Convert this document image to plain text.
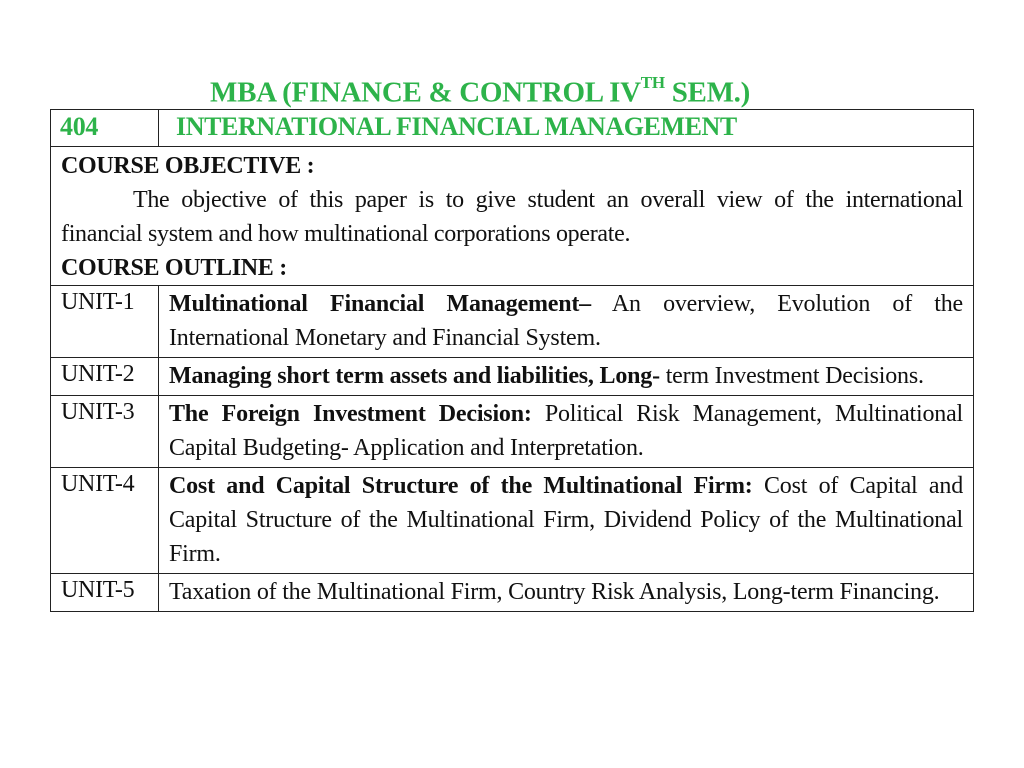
MBA (FINANCE & CONTROL IVTH SEM.)
404	INTERNATIONAL FINANCIAL MANAGEMENT

COURSE OBJECTIVE :
The objective of this paper is to give student an overall view of the international financial system and how multinational corporations operate.
COURSE OUTLINE :	

UNIT-1	Multinational Financial Management– An overview, Evolution of the International Monetary and Financial System.
UNIT-2	Managing short term assets and liabilities, Long- term Investment Decisions.
UNIT-3	The Foreign Investment Decision: Political Risk Management, Multinational Capital Budgeting- Application and Interpretation.
UNIT-4	Cost and Capital Structure of the Multinational Firm: Cost of Capital and Capital Structure of the Multinational Firm, Dividend Policy of the Multinational Firm.
UNIT-5	Taxation of the Multinational Firm, Country Risk Analysis, Long-term Financing.
